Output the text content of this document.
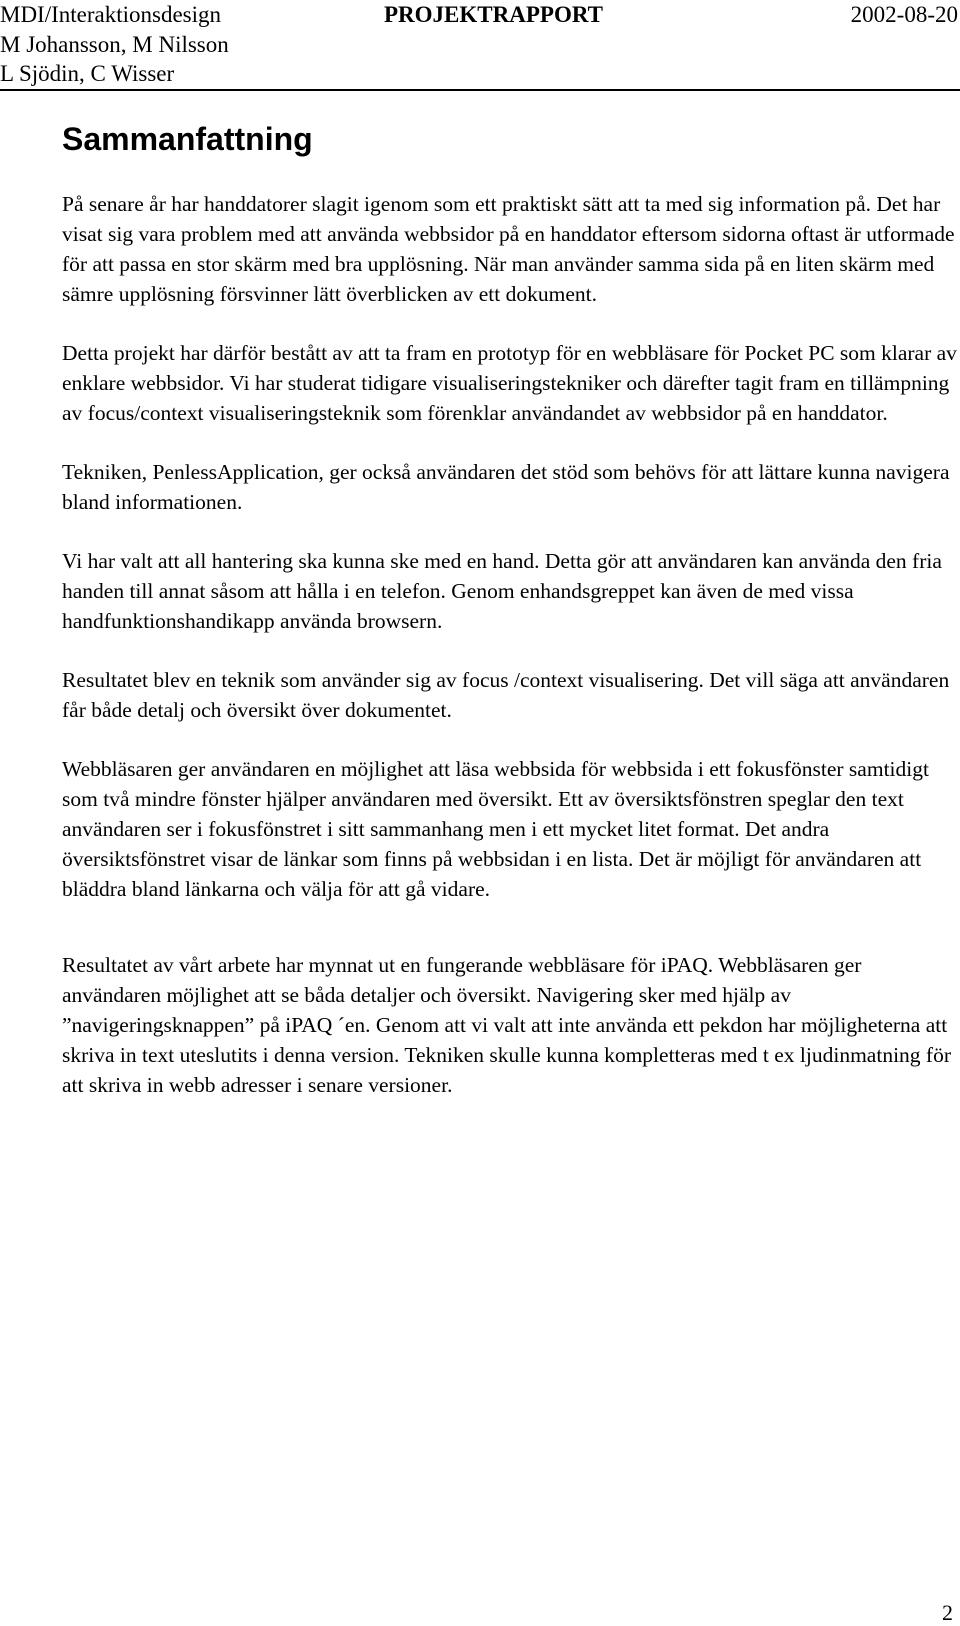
MDI/Interaktionsdesign
M Johansson, M Nilsson
L Sjödin, C Wisser
PROJEKTRAPPORT	2002-08-20
Sammanfattning

På senare år har handdatorer slagit igenom som ett praktiskt sätt att ta med sig information på. Det har visat sig vara problem med att använda webbsidor på en handdator eftersom sidorna oftast är utformade för att passa en stor skärm med bra upplösning. När man använder samma sida på en liten skärm med sämre upplösning försvinner lätt överblicken av ett dokument.

Detta projekt har därför bestått av att ta fram en prototyp för en webbläsare för Pocket PC som klarar av enklare webbsidor. Vi har studerat tidigare visualiseringstekniker och därefter tagit fram en tillämpning av focus/context visualiseringsteknik som förenklar användandet av webbsidor på en handdator.

Tekniken, PenlessApplication, ger också användaren det stöd som behövs för att lättare kunna navigera bland informationen.

Vi har valt att all hantering ska kunna ske med en hand. Detta gör att användaren kan använda den fria handen till annat såsom att hålla i en telefon. Genom enhandsgreppet kan även de med vissa handfunktionshandikapp använda browsern.

Resultatet blev en teknik som använder sig av focus /context visualisering. Det vill säga att användaren får både detalj och översikt över dokumentet.

Webbläsaren ger användaren en möjlighet att läsa webbsida för webbsida i ett fokusfönster samtidigt som två mindre fönster hjälper användaren med översikt. Ett av översiktsfönstren speglar den text användaren ser i fokusfönstret i sitt sammanhang men i ett mycket litet format. Det andra översiktsfönstret visar de länkar som finns på webbsidan i en lista. Det är möjligt för användaren att bläddra bland länkarna och välja för att gå vidare.

Resultatet av vårt arbete har mynnat ut en fungerande webbläsare för iPAQ. Webbläsaren ger användaren möjlighet att se båda detaljer och översikt. Navigering sker med hjälp av ”navigeringsknappen” på iPAQ ´en. Genom att vi valt att inte använda ett pekdon har möjligheterna att skriva in text uteslutits i denna version. Tekniken skulle kunna kompletteras med t ex ljudinmatning för att skriva in webb adresser i senare versioner.

2
